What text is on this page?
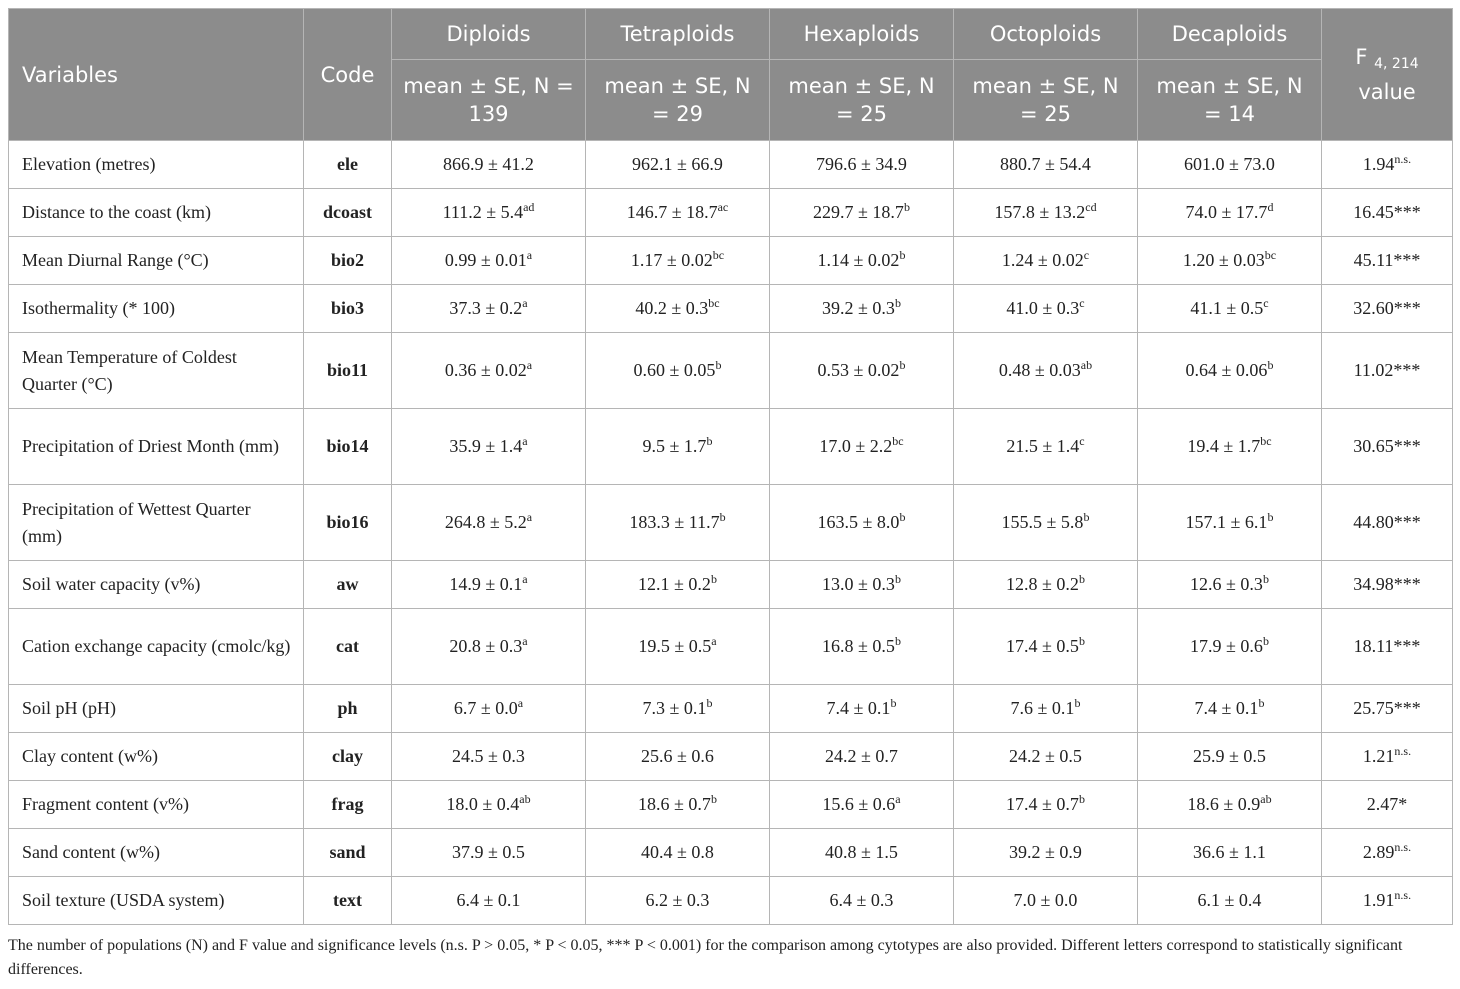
Variables	Code	Diploids	Tetraploids	Hexaploids	Octoploids	Decaploids	F $_{4, 214}$
value
		mean ± SE, N = 139	mean ± SE, N = 29	mean ± SE, N = 25	mean ± SE, N = 25	mean ± SE, N = 14	
Elevation (metres)	ele	866.9 ± 41.2	962.1 ± 66.9	796.6 ± 34.9	880.7 ± 54.4	601.0 ± 73.0	$1.94^{n.s.}$
Distance to the coast (km)	dcoast	111.2 ± 5.4$^{ad}$	146.7 ± 18.7$^{ac}$	229.7 ± 18.7$^b$	157.8 ± 13.2$^{cd}$	74.0 ± 17.7$^d$	16.45***
Mean Diurnal Range (°C)	bio2	0.99 ± 0.01$^a$	1.17 ± 0.02$^{bc}$	1.14 ± 0.02$^b$	1.24 ± 0.02$^c$	1.20 ± 0.03$^{bc}$	45.11***
Isothermality (* 100)	bio3	37.3 ± 0.2$^a$	40.2 ± 0.3$^{bc}$	39.2 ± 0.3$^b$	41.0 ± 0.3$^c$	41.1 ± 0.5$^c$	32.60***
Mean Temperature of Coldest Quarter (°C)	bio11	0.36 ± 0.02$^a$	0.60 ± 0.05$^b$	0.53 ± 0.02$^b$	0.48 ± 0.03$^{ab}$	0.64 ± 0.06$^b$	11.02***
Precipitation of Driest Month (mm)	bio14	35.9 ± 1.4$^a$	9.5 ± 1.7$^b$	17.0 ± 2.2$^{bc}$	21.5 ± 1.4$^c$	19.4 ± 1.7$^{bc}$	30.65***
Precipitation of Wettest Quarter (mm)	bio16	264.8 ± 5.2$^a$	183.3 ± 11.7$^b$	163.5 ± 8.0$^b$	155.5 ± 5.8$^b$	157.1 ± 6.1$^b$	44.80***
Soil water capacity (v%)	aw	14.9 ± 0.1$^a$	12.1 ± 0.2$^b$	13.0 ± 0.3$^b$	12.8 ± 0.2$^b$	12.6 ± 0.3$^b$	34.98***
Cation exchange capacity (cmolc/kg)	cat	20.8 ± 0.3$^a$	19.5 ± 0.5$^a$	16.8 ± 0.5$^b$	17.4 ± 0.5$^b$	17.9 ± 0.6$^b$	18.11***
Soil pH (pH)	ph	6.7 ± 0.0$^a$	7.3 ± 0.1$^b$	7.4 ± 0.1$^b$	7.6 ± 0.1$^b$	7.4 ± 0.1$^b$	25.75***
Clay content (w%)	clay	24.5 ± 0.3	25.6 ± 0.6	24.2 ± 0.7	24.2 ± 0.5	25.9 ± 0.5	$1.21^{n.s.}$
Fragment content (v%)	frag	18.0 ± 0.4$^{ab}$	18.6 ± 0.7$^b$	15.6 ± 0.6$^a$	17.4 ± 0.7$^b$	18.6 ± 0.9$^{ab}$	2.47*
Sand content (w%)	sand	37.9 ± 0.5	40.4 ± 0.8	40.8 ± 1.5	39.2 ± 0.9	36.6 ± 1.1	$2.89^{n.s.}$
Soil texture (USDA system)	text	6.4 ± 0.1	6.2 ± 0.3	6.4 ± 0.3	7.0 ± 0.0	6.1 ± 0.4	$1.91^{n.s.}$
The number of populations (N) and F value and significance levels (n.s. P > 0.05, * P < 0.05, *** P < 0.001) for the comparison among cytotypes are also provided. Different letters correspond to statistically significant differences.
